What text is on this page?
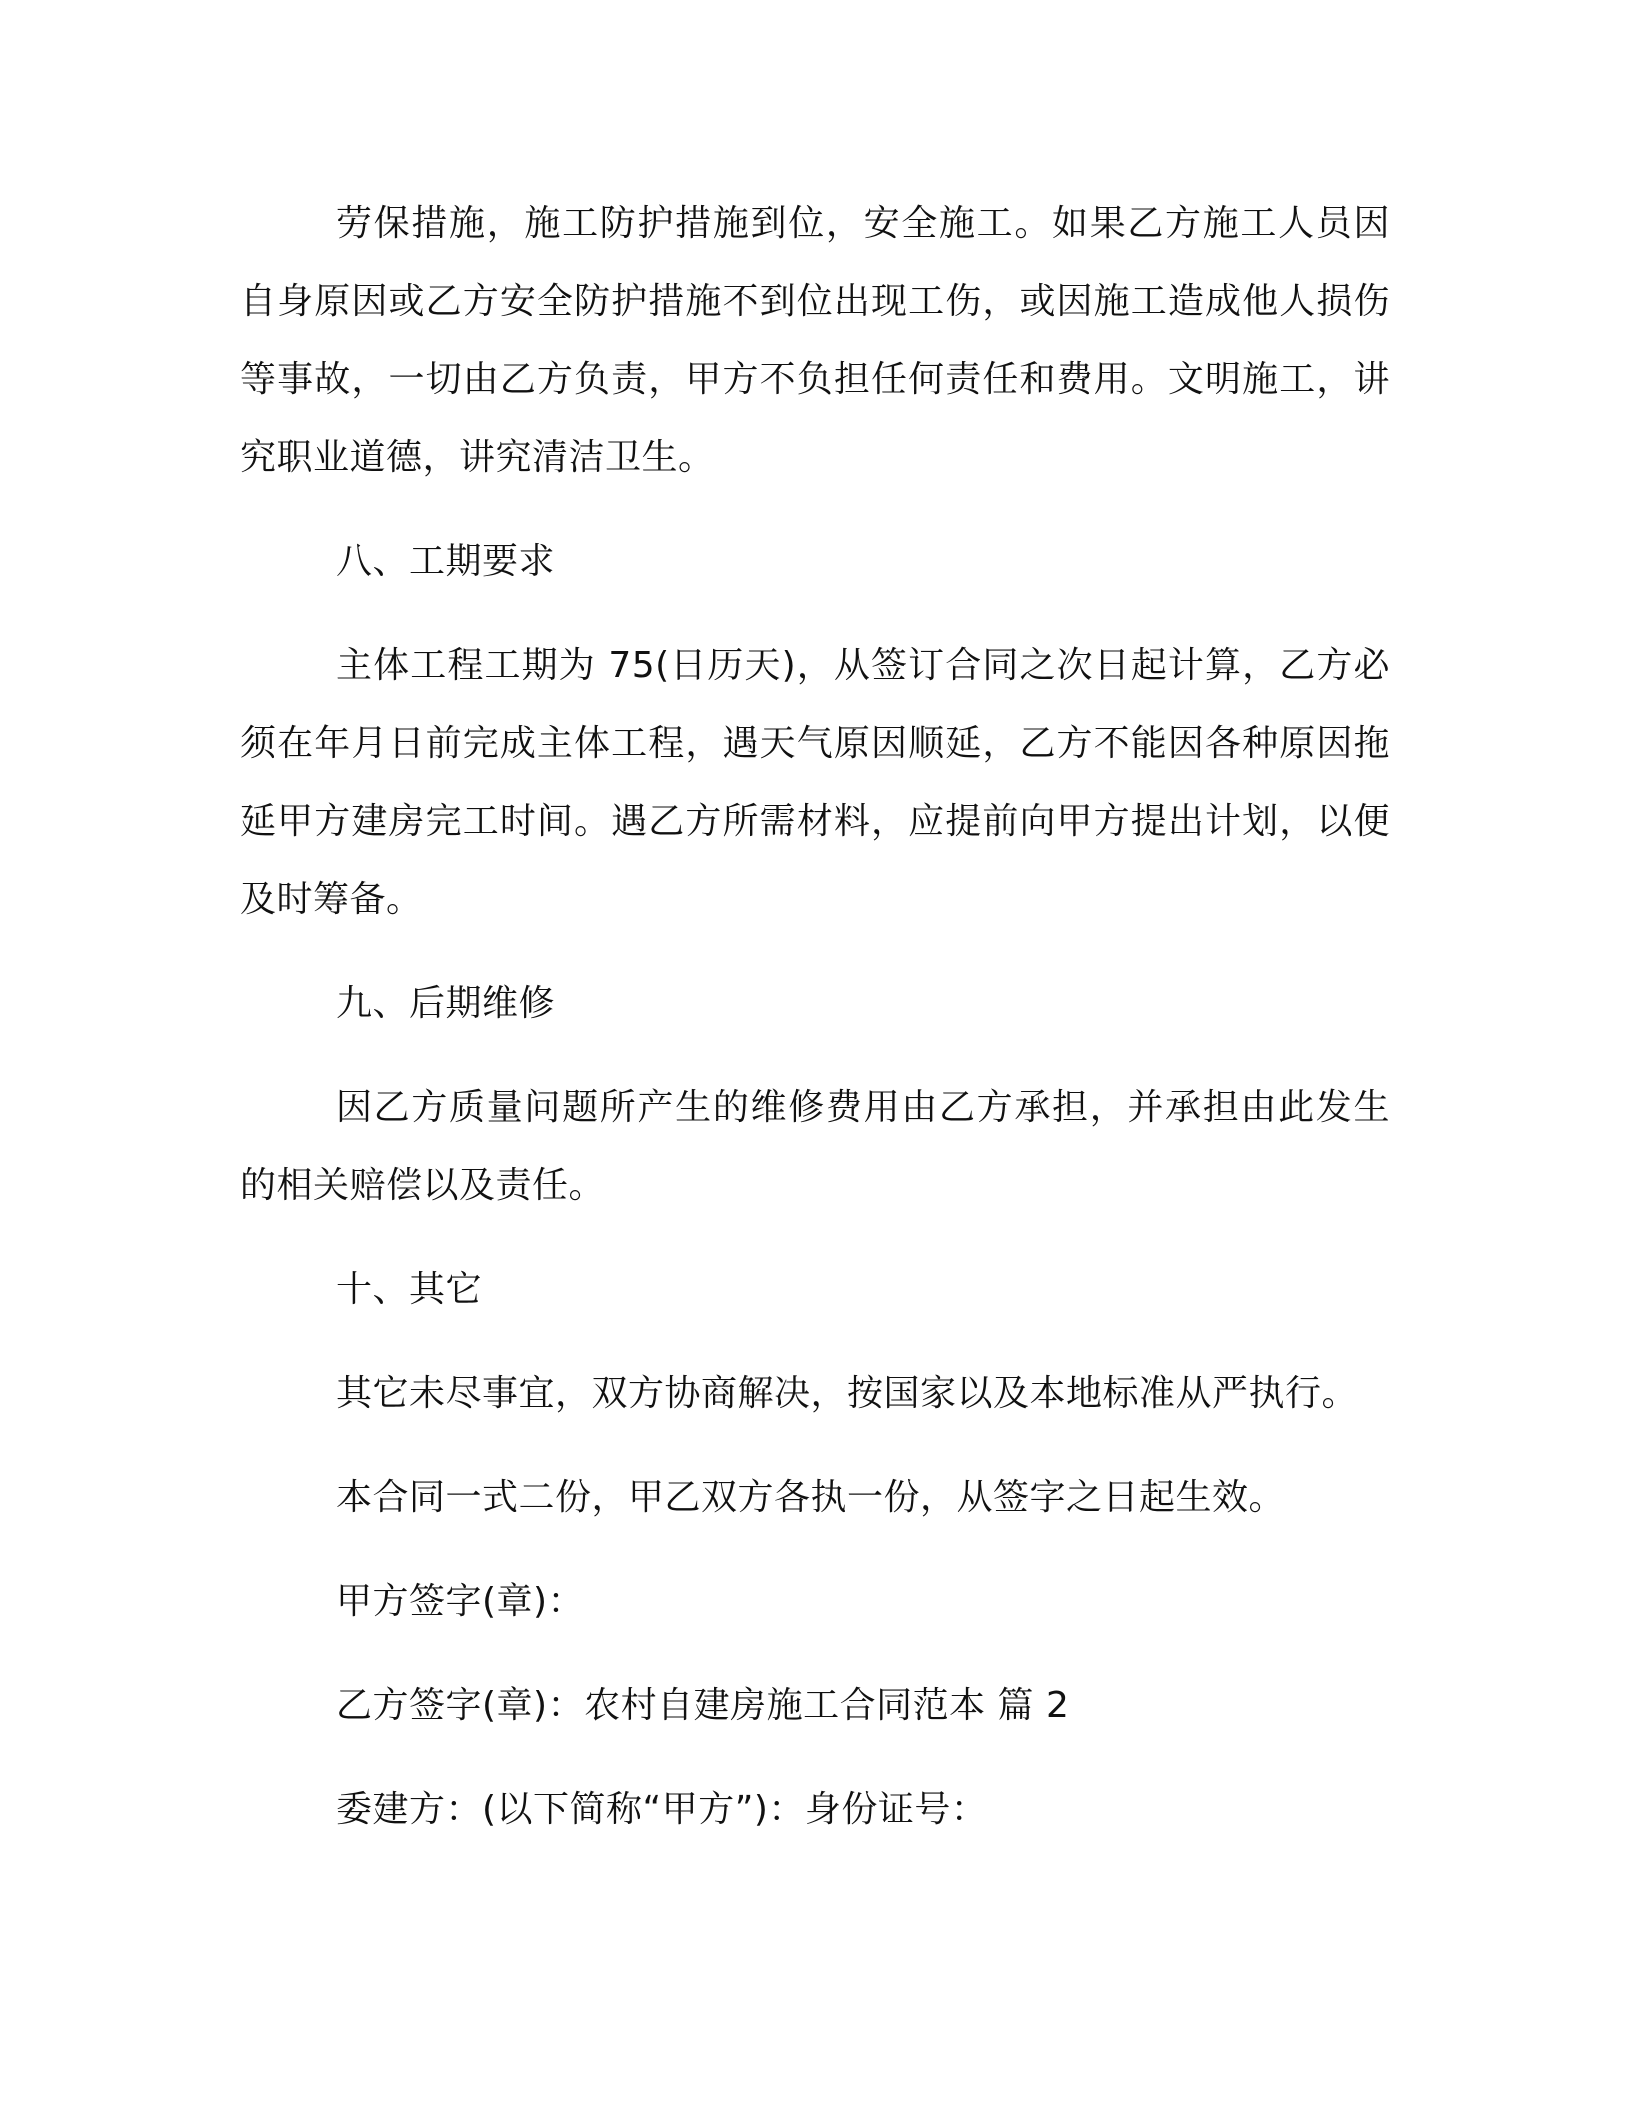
劳保措施，施工防护措施到位，安全施工。如果乙方施工人员因自身原因或乙方安全防护措施不到位出现工伤，或因施工造成他人损伤等事故，一切由乙方负责，甲方不负担任何责任和费用。文明施工，讲究职业道德，讲究清洁卫生。

八、工期要求

主体工程工期为 75(日历天)，从签订合同之次日起计算，乙方必须在年月日前完成主体工程，遇天气原因顺延，乙方不能因各种原因拖延甲方建房完工时间。遇乙方所需材料，应提前向甲方提出计划，以便及时筹备。

九、后期维修

因乙方质量问题所产生的维修费用由乙方承担，并承担由此发生的相关赔偿以及责任。

十、其它

其它未尽事宜，双方协商解决，按国家以及本地标准从严执行。

本合同一式二份，甲乙双方各执一份，从签字之日起生效。

甲方签字(章)：

乙方签字(章)：农村自建房施工合同范本 篇 2

委建方：(以下简称“甲方”)：身份证号：
